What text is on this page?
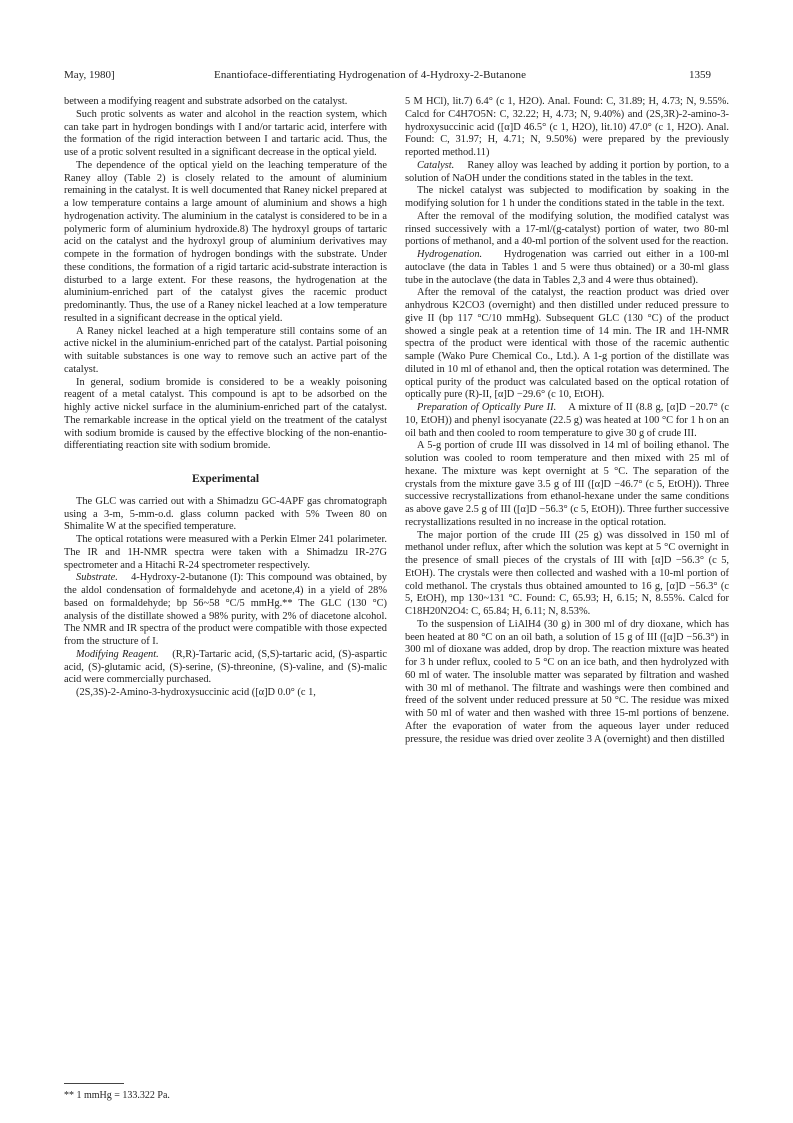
May, 1980]	Enantioface-differentiating Hydrogenation of 4-Hydroxy-2-Butanone	1359

between a modifying reagent and substrate adsorbed on the catalyst.

Such protic solvents as water and alcohol in the reaction system, which can take part in hydrogen bondings with I and/or tartaric acid, interfere with the formation of the rigid interaction between I and tartaric acid. Thus, the use of a protic solvent resulted in a significant decrease in the optical yield.

The dependence of the optical yield on the leaching temperature of the Raney alloy (Table 2) is closely related to the amount of aluminium remaining in the catalyst. It is well documented that Raney nickel prepared at a low temperature contains a large amount of aluminium and shows a high hydrogenation activity. The aluminium in the catalyst is considered to be in a polymeric form of aluminium hydroxide.8) The hydroxyl groups of tartaric acid on the catalyst and the hydroxyl group of aluminium derivatives may compete in the formation of hydrogen bondings with the substrate. Under these conditions, the formation of a rigid tartaric acid-substrate interaction is disturbed to a large extent. For these reasons, the hydrogenation at the aluminium-enriched part of the catalyst gives the racemic product predominantly. Thus, the use of a Raney nickel leached at a low temperature resulted in a significant decrease in the optical yield.

A Raney nickel leached at a high temperature still contains some of an active nickel in the aluminium-enriched part of the catalyst. Partial poisoning with suitable substances is one way to remove such an active part of the catalyst.

In general, sodium bromide is considered to be a weakly poisoning reagent of a metal catalyst. This compound is apt to be adsorbed on the highly active nickel surface in the aluminium-enriched part of the catalyst. The remarkable increase in the optical yield on the treatment of the catalyst with sodium bromide is caused by the effective blocking of the non-enantio-differentiating reaction site with sodium bromide.

Experimental

The GLC was carried out with a Shimadzu GC-4APF gas chromatograph using a 3-m, 5-mm-o.d. glass column packed with 5% Tween 80 on Shimalite W at the specified temperature.

The optical rotations were measured with a Perkin Elmer 241 polarimeter. The IR and 1H-NMR spectra were taken with a Shimadzu IR-27G spectrometer and a Hitachi R-24 spectrometer respectively.

Substrate. 4-Hydroxy-2-butanone (I): This compound was obtained, by the aldol condensation of formaldehyde and acetone,4) in a yield of 28% based on formaldehyde; bp 56~58 °C/5 mmHg.** The GLC (130 °C) analysis of the distillate showed a 98% purity, with 2% of diacetone alcohol. The NMR and IR spectra of the product were compatible with those expected from the structure of I.

Modifying Reagent. (R,R)-Tartaric acid, (S,S)-tartaric acid, (S)-aspartic acid, (S)-glutamic acid, (S)-serine, (S)-threonine, (S)-valine, and (S)-malic acid were commercially purchased.

(2S,3S)-2-Amino-3-hydroxysuccinic acid ([α]D 0.0° (c 1,

5 M HCl), lit.7) 6.4° (c 1, H2O). Anal. Found: C, 31.89; H, 4.73; N, 9.55%. Calcd for C4H7O5N: C, 32.22; H, 4.73; N, 9.40%) and (2S,3R)-2-amino-3-hydroxysuccinic acid ([α]D 46.5° (c 1, H2O), lit.10) 47.0° (c 1, H2O). Anal. Found: C, 31.97; H, 4.71; N, 9.50%) were prepared by the previously reported method.11)

Catalyst. Raney alloy was leached by adding it portion by portion, to a solution of NaOH under the conditions stated in the tables in the text.

The nickel catalyst was subjected to modification by soaking in the modifying solution for 1 h under the conditions stated in the table in the text.

After the removal of the modifying solution, the modified catalyst was rinsed successively with a 17-ml/(g-catalyst) portion of water, two 80-ml portions of methanol, and a 40-ml portion of the solvent used for the reaction.

Hydrogenation. Hydrogenation was carried out either in a 100-ml autoclave (the data in Tables 1 and 5 were thus obtained) or a 30-ml glass tube in the autoclave (the data in Tables 2,3 and 4 were thus obtained).

After the removal of the catalyst, the reaction product was dried over anhydrous K2CO3 (overnight) and then distilled under reduced pressure to give II (bp 117 °C/10 mmHg). Subsequent GLC (130 °C) of the product showed a single peak at a retention time of 14 min. The IR and 1H-NMR spectra of the product were identical with those of the racemic authentic sample (Wako Pure Chemical Co., Ltd.). A 1-g portion of the distillate was diluted in 10 ml of ethanol and, then the optical rotation was determined. The optical purity of the product was calculated based on the optical rotation of optically pure (R)-II, [α]D −29.6° (c 10, EtOH).

Preparation of Optically Pure II. A mixture of II (8.8 g, [α]D −20.7° (c 10, EtOH)) and phenyl isocyanate (22.5 g) was heated at 100 °C for 1 h on an oil bath and then cooled to room temperature to give 30 g of crude III.

A 5-g portion of crude III was dissolved in 14 ml of boiling ethanol. The solution was cooled to room temperature and then mixed with 25 ml of hexane. The mixture was kept overnight at 5 °C. The separation of the crystals from the mixture gave 3.5 g of III ([α]D −46.7° (c 5, EtOH)). Three successive recrystallizations from ethanol-hexane under the same conditions as above gave 2.5 g of III ([α]D −56.3° (c 5, EtOH)). Three further successive recrystallizations resulted in no increase in the optical rotation.

The major portion of the crude III (25 g) was dissolved in 150 ml of methanol under reflux, after which the solution was kept at 5 °C overnight in the presence of small pieces of the crystals of III with [α]D −56.3° (c 5, EtOH). The crystals were then collected and washed with a 10-ml portion of cold methanol. The crystals thus obtained amounted to 16 g, [α]D −56.3° (c 5, EtOH), mp 130~131 °C. Found: C, 65.93; H, 6.15; N, 8.55%. Calcd for C18H20N2O4: C, 65.84; H, 6.11; N, 8.53%.

To the suspension of LiAlH4 (30 g) in 300 ml of dry dioxane, which has been heated at 80 °C on an oil bath, a solution of 15 g of III ([α]D −56.3°) in 300 ml of dioxane was added, drop by drop. The reaction mixture was heated for 3 h under reflux, cooled to 5 °C on an ice bath, and then hydrolyzed with 60 ml of water. The insoluble matter was separated by filtration and washed with 30 ml of methanol. The filtrate and washings were then combined and freed of the solvent under reduced pressure at 50 °C. The residue was mixed with 50 ml of water and then washed with three 15-ml portions of benzene. After the evaporation of water from the aqueous layer under reduced pressure, the residue was dried over zeolite 3 A (overnight) and then distilled

** 1 mmHg = 133.322 Pa.
